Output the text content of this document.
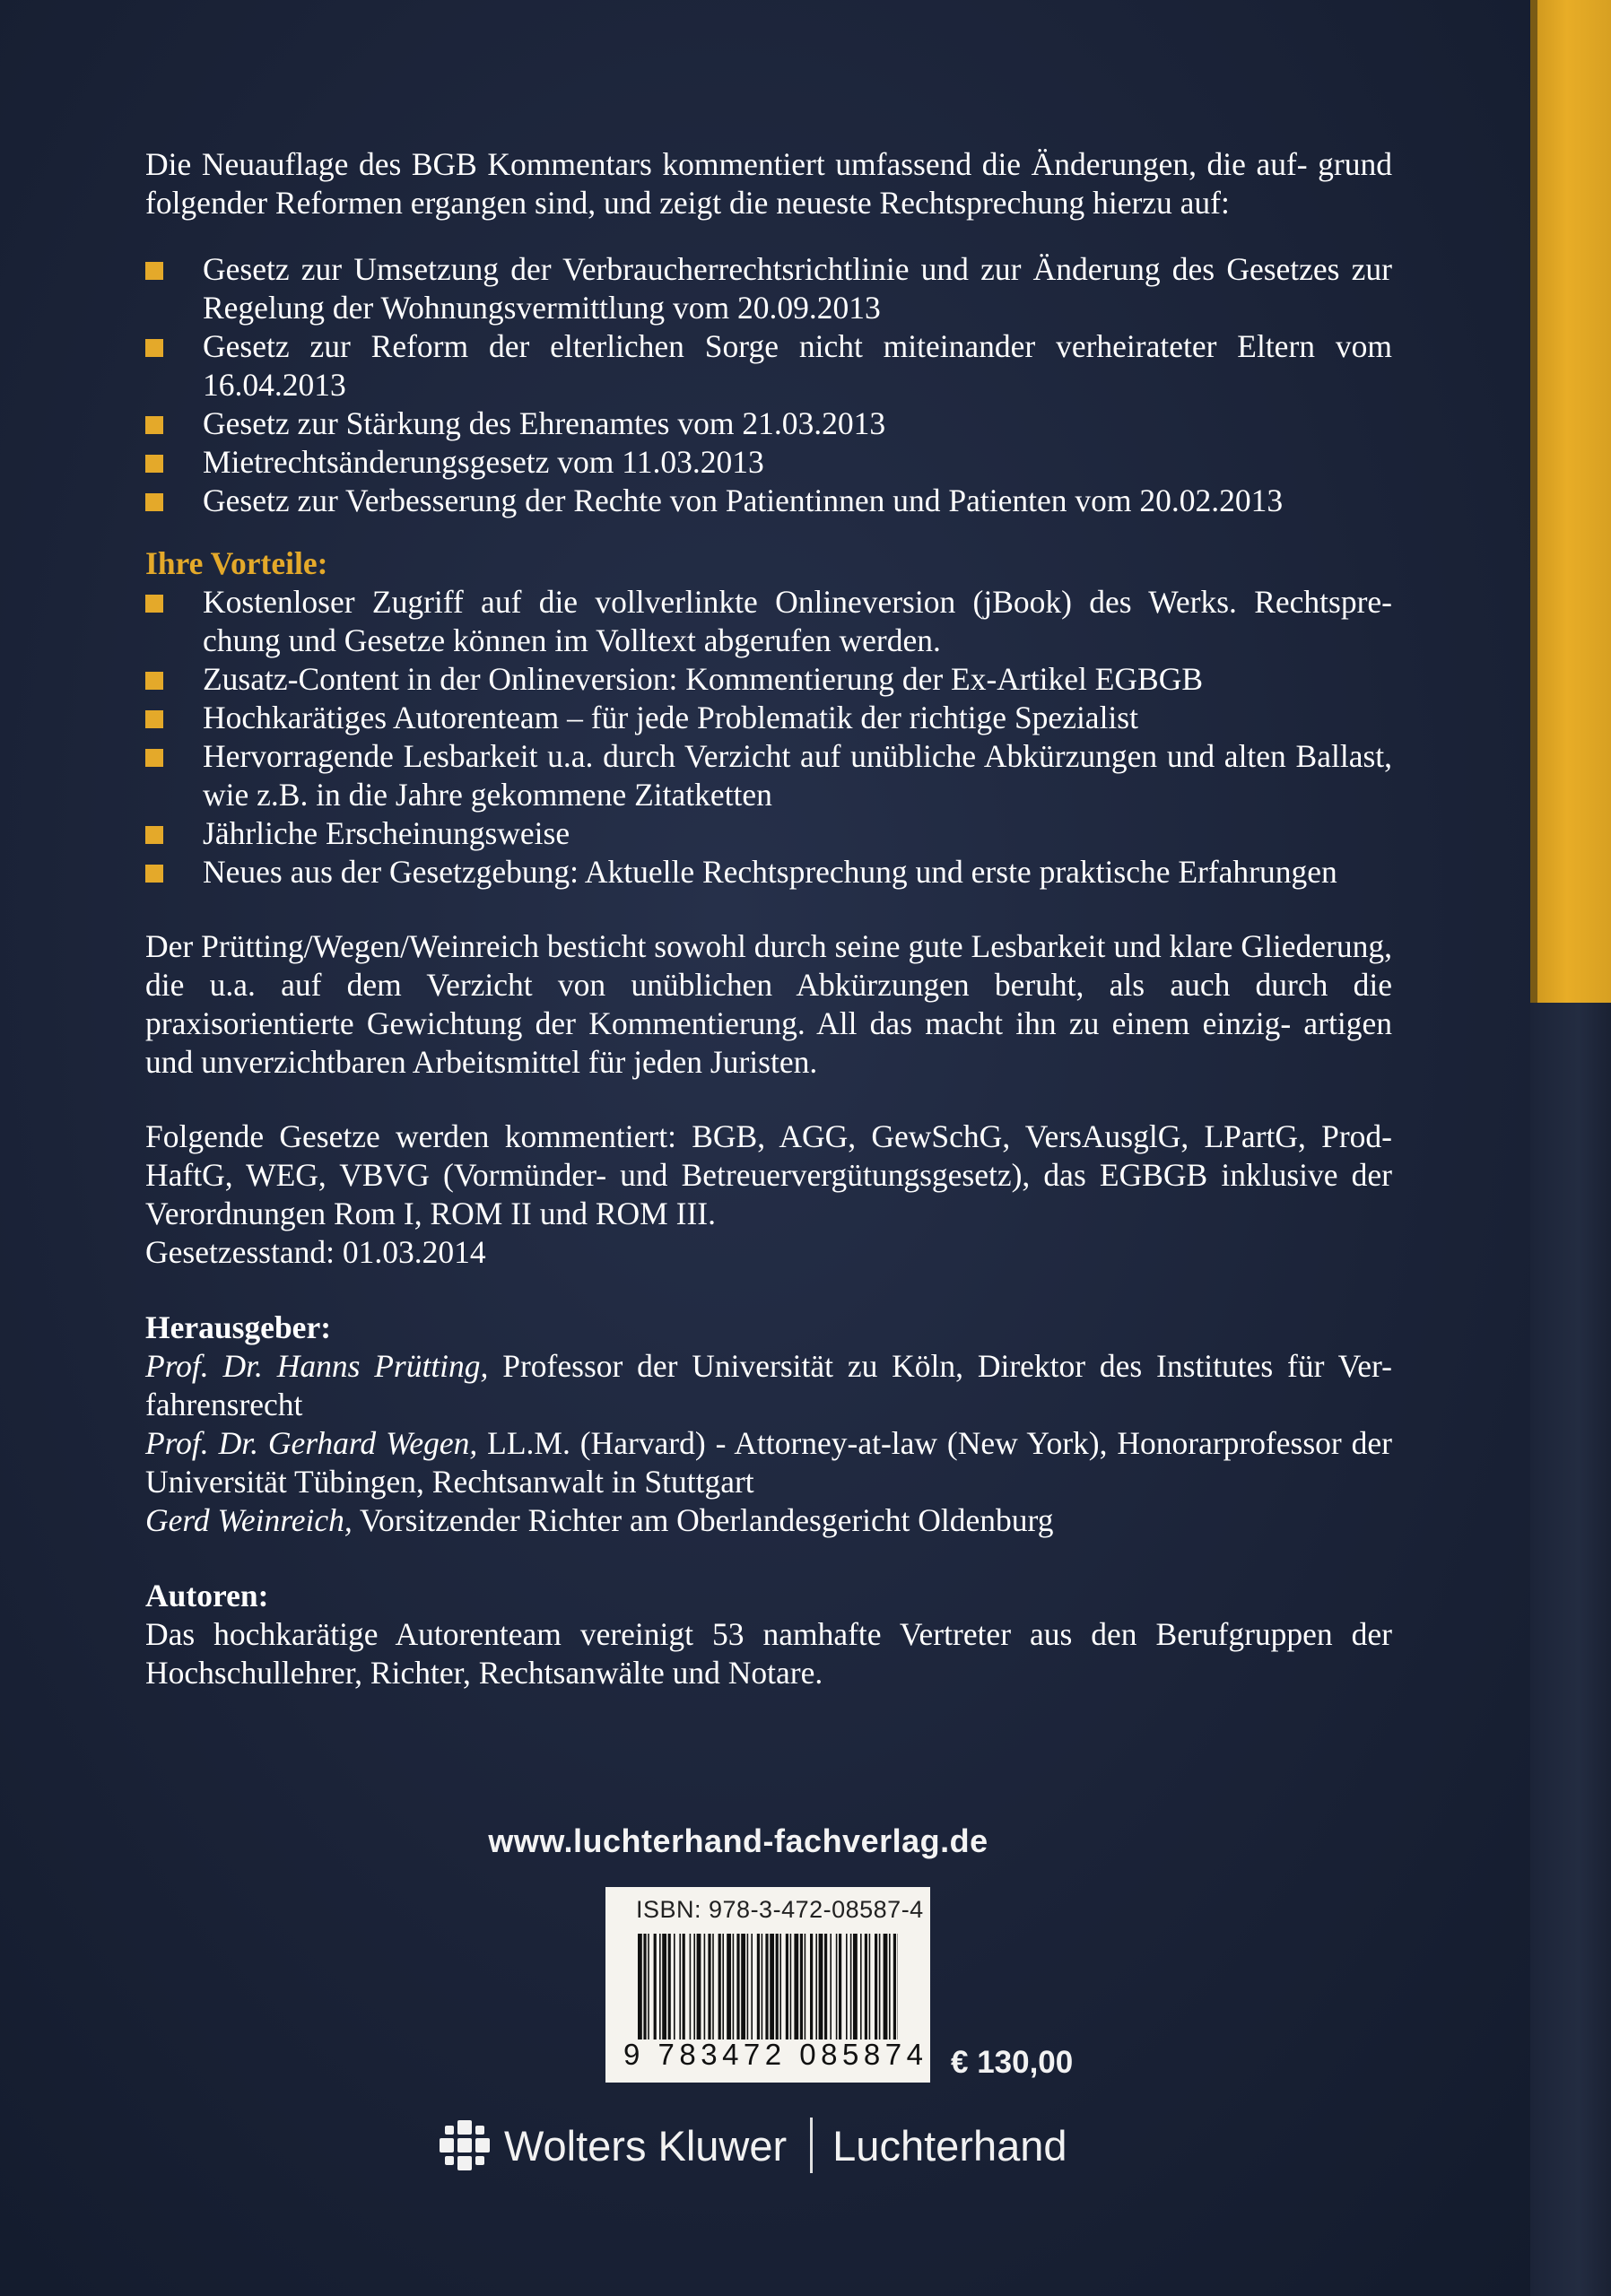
Die Neuauflage des BGB Kommentars kommentiert umfassend die Änderungen, die auf- grund folgender Reformen ergangen sind, und zeigt die neueste Rechtsprechung hierzu auf:

Gesetz zur Umsetzung der Verbraucherrechtsrichtlinie und zur Änderung des Gesetzes zur Regelung der Wohnungsvermittlung vom 20.09.2013
Gesetz zur Reform der elterlichen Sorge nicht miteinander verheirateter Eltern vom 16.04.2013
Gesetz zur Stärkung des Ehrenamtes vom 21.03.2013
Mietrechtsänderungsgesetz vom 11.03.2013
Gesetz zur Verbesserung der Rechte von Patientinnen und Patienten vom 20.02.2013

Ihre Vorteile:

Kostenloser Zugriff auf die vollverlinkte Onlineversion (jBook) des Werks. Rechtspre- chung und Gesetze können im Volltext abgerufen werden.
Zusatz-Content in der Onlineversion: Kommentierung der Ex-Artikel EGBGB
Hochkarätiges Autorenteam – für jede Problematik der richtige Spezialist
Hervorragende Lesbarkeit u.a. durch Verzicht auf unübliche Abkürzungen und alten Ballast, wie z.B. in die Jahre gekommene Zitatketten
Jährliche Erscheinungsweise
Neues aus der Gesetzgebung: Aktuelle Rechtsprechung und erste praktische Erfahrungen

Der Prütting/Wegen/Weinreich besticht sowohl durch seine gute Lesbarkeit und klare Gliederung, die u.a. auf dem Verzicht von unüblichen Abkürzungen beruht, als auch durch die praxisorientierte Gewichtung der Kommentierung. All das macht ihn zu einem einzig- artigen und unverzichtbaren Arbeitsmittel für jeden Juristen.

Folgende Gesetze werden kommentiert: BGB, AGG, GewSchG, VersAusglG, LPartG, Prod- HaftG, WEG, VBVG (Vormünder- und Betreuervergütungsgesetz), das EGBGB inklusive der Verordnungen Rom I, ROM II und ROM III.

Gesetzesstand: 01.03.2014

Herausgeber:

Prof. Dr. Hanns Prütting, Professor der Universität zu Köln, Direktor des Institutes für Ver- fahrensrecht

Prof. Dr. Gerhard Wegen, LL.M. (Harvard) - Attorney-at-law (New York), Honorarprofessor der Universität Tübingen, Rechtsanwalt in Stuttgart

Gerd Weinreich, Vorsitzender Richter am Oberlandesgericht Oldenburg

Autoren:

Das hochkarätige Autorenteam vereinigt 53 namhafte Vertreter aus den Berufgruppen der Hochschullehrer, Richter, Rechtsanwälte und Notare.

www.luchterhand-fachverlag.de
ISBN: 978-3-472-08587-4
9 783472 085874 € 130,00
Wolters Kluwer Luchterhand
